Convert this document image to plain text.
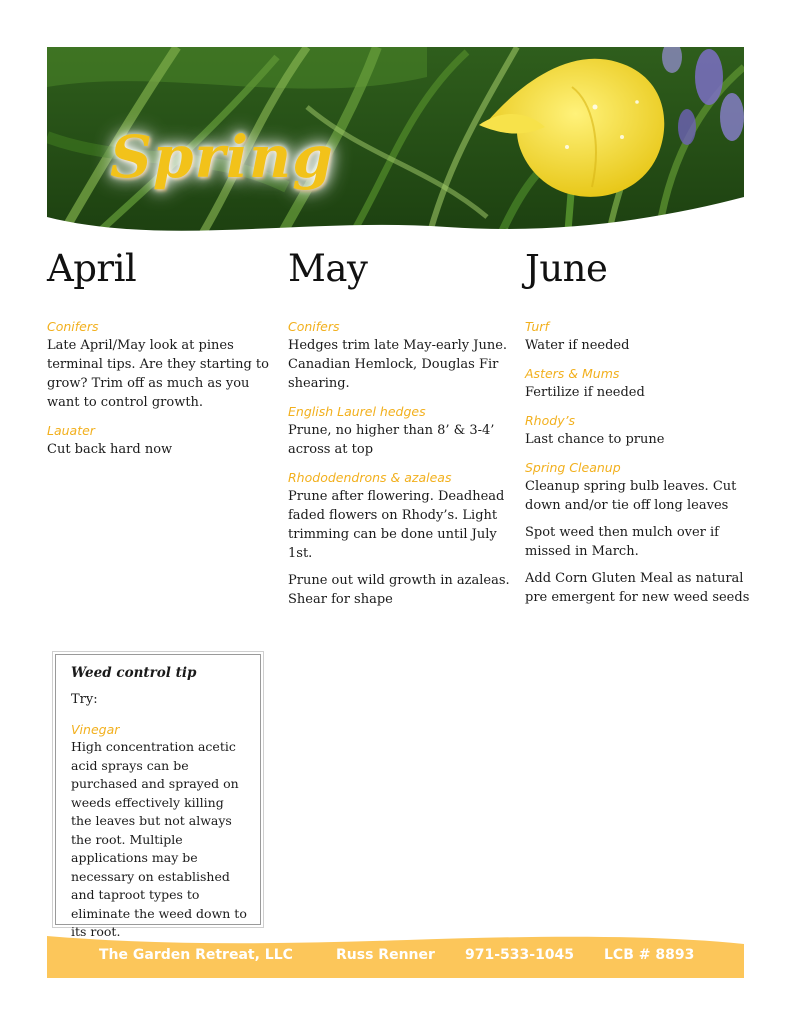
Spring
April
Conifers
Late April/May look at pines terminal tips. Are they starting to grow? Trim off as much as you want to control growth.
Lauater
Cut back hard now
May
Conifers
Hedges trim late May-early June. Canadian Hemlock, Douglas Fir shearing.
English Laurel hedges
Prune, no higher than 8’ & 3-4’ across at top
Rhododendrons & azaleas
Prune after flowering. Deadhead faded flowers on Rhody’s. Light trimming can be done until July 1st.
Prune out wild growth in azaleas. Shear for shape
June
Turf
Water if needed
Asters & Mums
Fertilize if needed
Rhody’s
Last chance to prune
Spring Cleanup
Cleanup spring bulb leaves. Cut down and/or tie off long leaves
Spot weed then mulch over if missed in March.
Add Corn Gluten Meal as natural pre emergent for new weed seeds
Weed control tip
Try:
Vinegar
High concentration acetic acid sprays can be purchased and sprayed on weeds effectively killing the leaves but not always the root. Multiple applications may be necessary on established and taproot types to eliminate the weed down to its root.
The Garden Retreat, LLC	Russ Renner 971-533-1045 LCB # 8893
